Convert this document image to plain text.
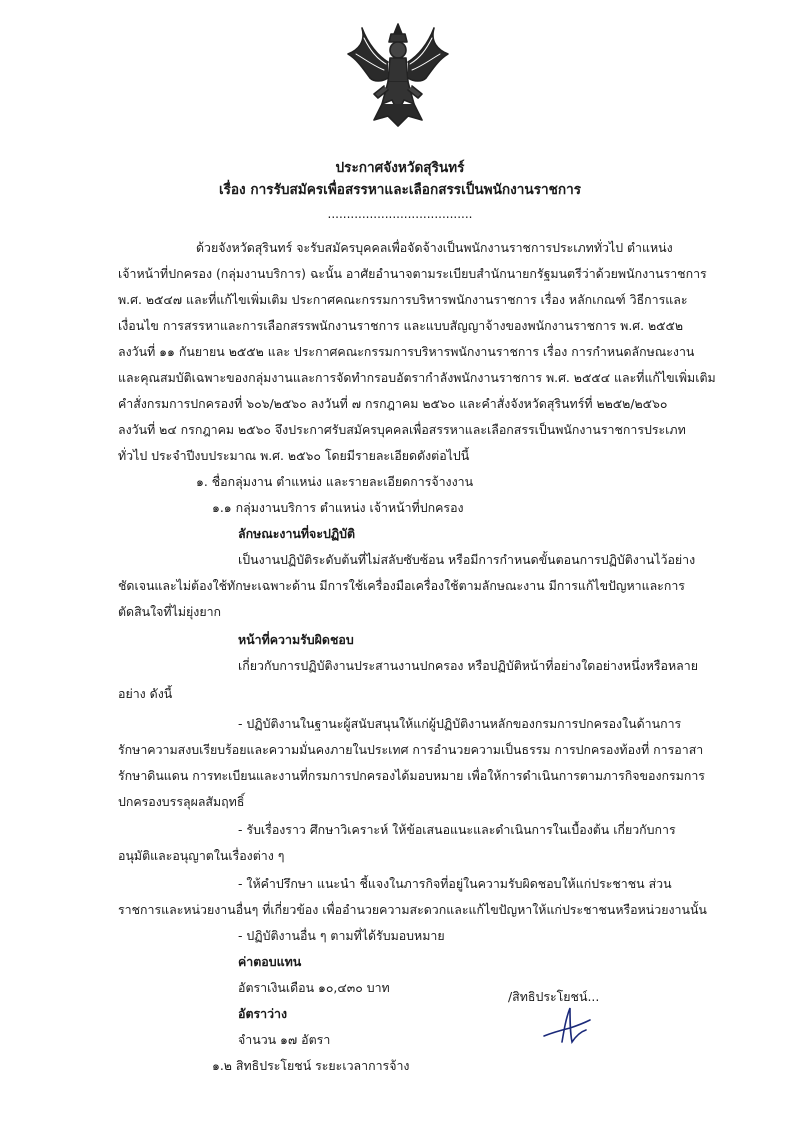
ประกาศจังหวัดสุรินทร์
เรื่อง การรับสมัครเพื่อสรรหาและเลือกสรรเป็นพนักงานราชการ
......................................
ด้วยจังหวัดสุรินทร์ จะรับสมัครบุคคลเพื่อจัดจ้างเป็นพนักงานราชการประเภททั่วไป ตำแหน่ง
เจ้าหน้าที่ปกครอง (กลุ่มงานบริการ) ฉะนั้น อาศัยอำนาจตามระเบียบสำนักนายกรัฐมนตรีว่าด้วยพนักงานราชการ
พ.ศ. ๒๕๔๗ และที่แก้ไขเพิ่มเติม ประกาศคณะกรรมการบริหารพนักงานราชการ เรื่อง หลักเกณฑ์ วิธีการและ
เงื่อนไข การสรรหาและการเลือกสรรพนักงานราชการ และแบบสัญญาจ้างของพนักงานราชการ พ.ศ. ๒๕๕๒
ลงวันที่ ๑๑ กันยายน ๒๕๕๒ และ ประกาศคณะกรรมการบริหารพนักงานราชการ เรื่อง การกำหนดลักษณะงาน
และคุณสมบัติเฉพาะของกลุ่มงานและการจัดทำกรอบอัตรากำลังพนักงานราชการ พ.ศ. ๒๕๕๔ และที่แก้ไขเพิ่มเติม
คำสั่งกรมการปกครองที่ ๖๐๖/๒๕๖๐ ลงวันที่ ๗ กรกฎาคม ๒๕๖๐ และคำสั่งจังหวัดสุรินทร์ที่ ๒๒๕๒/๒๕๖๐
ลงวันที่ ๒๔ กรกฎาคม ๒๕๖๐ จึงประกาศรับสมัครบุคคลเพื่อสรรหาและเลือกสรรเป็นพนักงานราชการประเภท
ทั่วไป ประจำปีงบประมาณ พ.ศ. ๒๕๖๐ โดยมีรายละเอียดดังต่อไปนี้
๑. ชื่อกลุ่มงาน ตำแหน่ง และรายละเอียดการจ้างงาน
๑.๑ กลุ่มงานบริการ ตำแหน่ง เจ้าหน้าที่ปกครอง
ลักษณะงานที่จะปฏิบัติ
เป็นงานปฏิบัติระดับต้นที่ไม่สลับซับซ้อน หรือมีการกำหนดขั้นตอนการปฏิบัติงานไว้อย่าง
ชัดเจนและไม่ต้องใช้ทักษะเฉพาะด้าน มีการใช้เครื่องมือเครื่องใช้ตามลักษณะงาน มีการแก้ไขปัญหาและการ
ตัดสินใจที่ไม่ยุ่งยาก
หน้าที่ความรับผิดชอบ
เกี่ยวกับการปฏิบัติงานประสานงานปกครอง หรือปฏิบัติหน้าที่อย่างใดอย่างหนึ่งหรือหลาย
อย่าง ดังนี้
- ปฏิบัติงานในฐานะผู้สนับสนุนให้แก่ผู้ปฏิบัติงานหลักของกรมการปกครองในด้านการ
รักษาความสงบเรียบร้อยและความมั่นคงภายในประเทศ การอำนวยความเป็นธรรม การปกครองท้องที่ การอาสา
รักษาดินแดน การทะเบียนและงานที่กรมการปกครองได้มอบหมาย เพื่อให้การดำเนินการตามภารกิจของกรมการ
ปกครองบรรลุผลสัมฤทธิ์
- รับเรื่องราว ศึกษาวิเคราะห์ ให้ข้อเสนอแนะและดำเนินการในเบื้องต้น เกี่ยวกับการ
อนุมัติและอนุญาตในเรื่องต่าง ๆ
- ให้คำปรึกษา แนะนำ ชี้แจงในภารกิจที่อยู่ในความรับผิดชอบให้แก่ประชาชน ส่วน
ราชการและหน่วยงานอื่นๆ ที่เกี่ยวข้อง เพื่ออำนวยความสะดวกและแก้ไขปัญหาให้แก่ประชาชนหรือหน่วยงานนั้น
- ปฏิบัติงานอื่น ๆ ตามที่ได้รับมอบหมาย
ค่าตอบแทน
อัตราเงินเดือน ๑๐,๔๓๐ บาท
อัตราว่าง
จำนวน ๑๗ อัตรา
๑.๒ สิทธิประโยชน์ ระยะเวลาการจ้าง
/สิทธิประโยชน์...
